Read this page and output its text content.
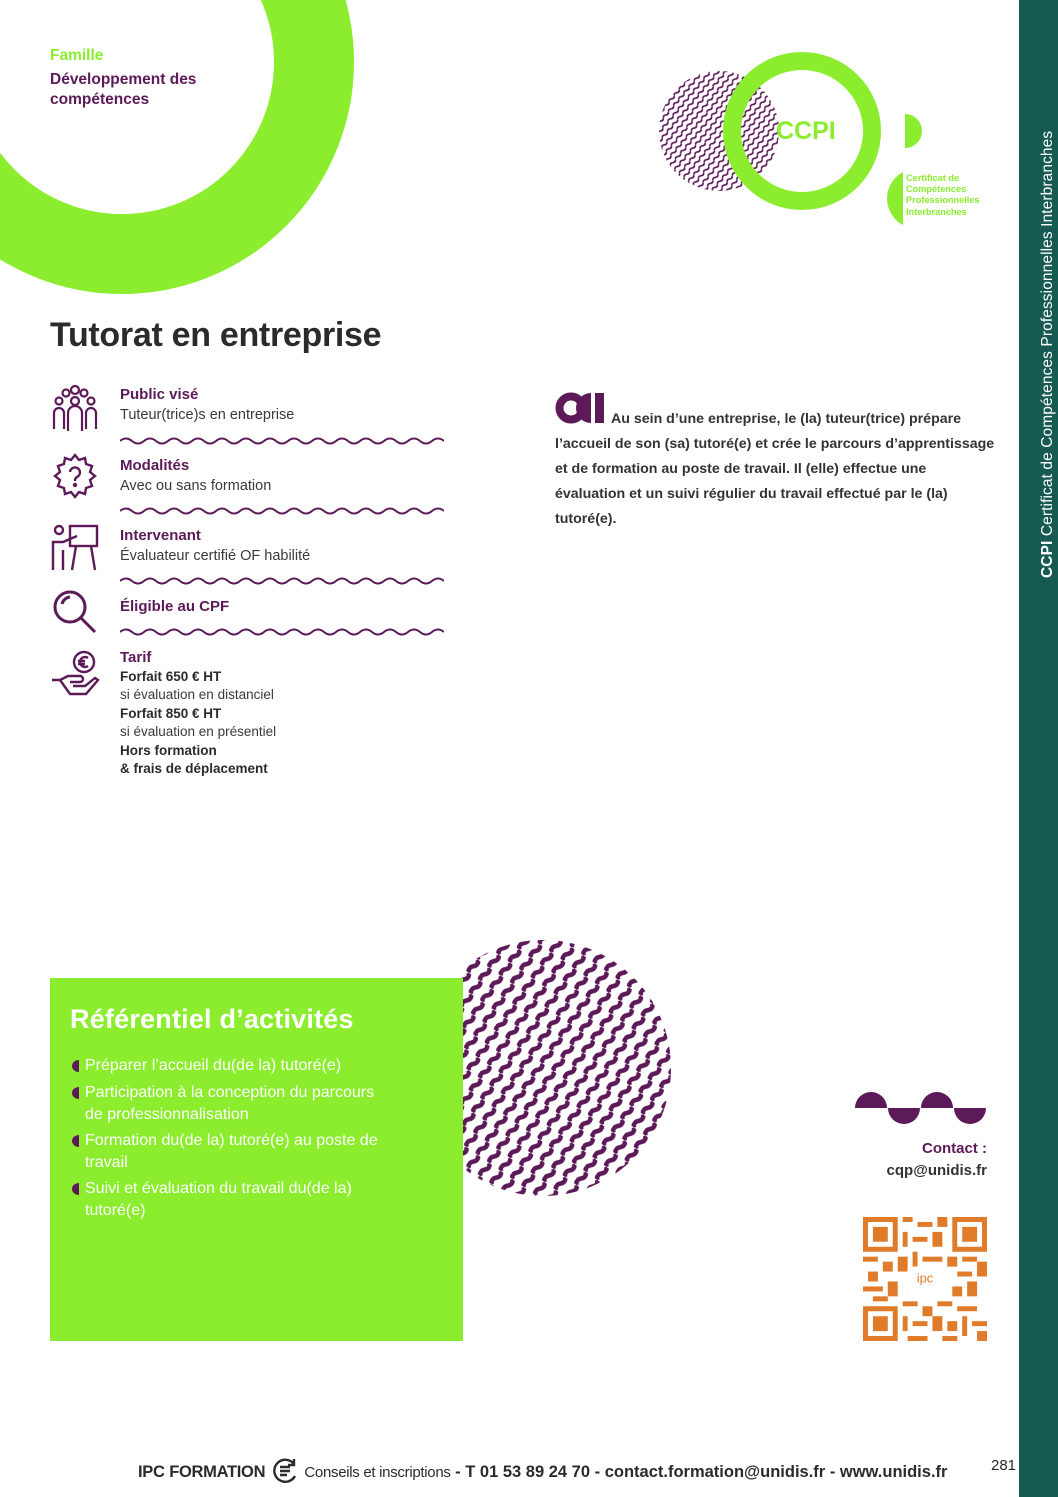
CCPI Certificat de Compétences Professionnelles Interbranches
Famille
Développement des compétences
CCPI
Certificat de Compétences Professionnelles Interbranches
Tutorat en entreprise
Public visé
Tuteur(trice)s en entreprise
Modalités
Avec ou sans formation
Intervenant
Évaluateur certifié OF habilité
Éligible au CPF
Tarif
Forfait 650 € HT
si évaluation en distanciel
Forfait 850 € HT
si évaluation en présentiel
Hors formation
& frais de déplacement
Au sein d’une entreprise, le (la) tuteur(trice) prépare l’accueil de son (sa) tutoré(e) et crée le parcours d’apprentissage et de formation au poste de travail. Il (elle) effectue une évaluation et un suivi régulier du travail effectué par le (la) tutoré(e).
Référentiel d’activités
Préparer l’accueil du(de la) tutoré(e)
Participation à la conception du parcours de professionnalisation
Formation du(de la) tutoré(e) au poste de travail
Suivi et évaluation du travail du(de la) tutoré(e)
Contact :
cqp@unidis.fr
ipc
IPC FORMATION	Conseils et inscriptions - T 01 53 89 24 70 - contact.formation@unidis.fr - www.unidis.fr	281
